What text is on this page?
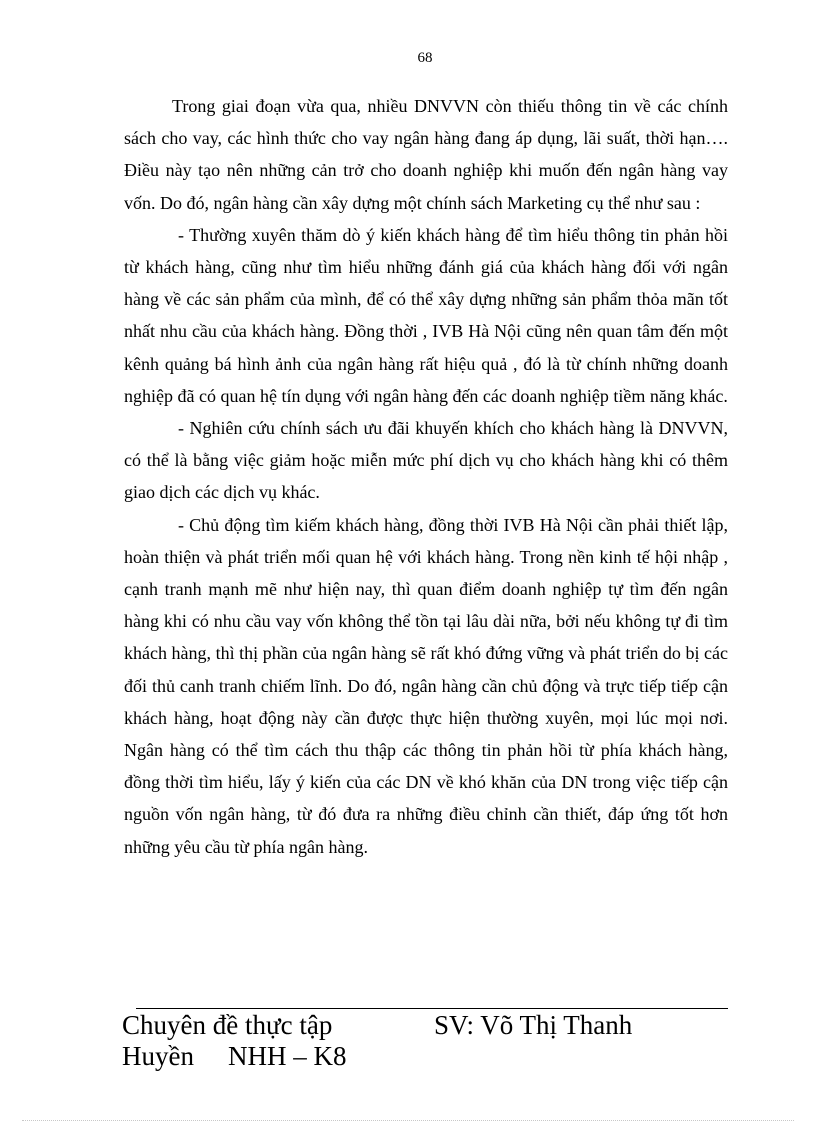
68

Trong giai đoạn vừa qua, nhiều DNVVN còn thiếu thông tin về các chính sách cho vay, các hình thức cho vay ngân hàng đang áp dụng, lãi suất, thời hạn…. Điều này tạo nên những cản trở cho doanh nghiệp khi muốn đến ngân hàng vay vốn. Do đó, ngân hàng cần xây dựng một chính sách Marketing cụ thể như sau :

- Thường xuyên thăm dò ý kiến khách hàng để tìm hiểu thông tin phản hồi từ khách hàng, cũng như tìm hiểu những đánh giá của khách hàng đối với ngân hàng về các sản phẩm của mình, để có thể xây dựng những sản phẩm thỏa mãn tốt nhất nhu cầu của khách hàng. Đồng thời , IVB Hà Nội cũng nên quan tâm đến một kênh quảng bá hình ảnh của ngân hàng rất hiệu quả , đó là từ chính những doanh nghiệp đã có quan hệ tín dụng với ngân hàng đến các doanh nghiệp tiềm năng khác.

- Nghiên cứu chính sách ưu đãi khuyến khích cho khách hàng là DNVVN, có thể là bằng việc giảm hoặc miễn mức phí dịch vụ cho khách hàng khi có thêm giao dịch các dịch vụ khác.

- Chủ động tìm kiếm khách hàng, đồng thời IVB Hà Nội cần phải thiết lập, hoàn thiện và phát triển mối quan hệ với khách hàng. Trong nền kinh tế hội nhập , cạnh tranh mạnh mẽ như hiện nay, thì quan điểm doanh nghiệp tự tìm đến ngân hàng khi có nhu cầu vay vốn không thể tồn tại lâu dài nữa, bởi nếu không tự đi tìm khách hàng, thì thị phần của ngân hàng sẽ rất khó đứng vững và phát triển do bị các đối thủ canh tranh chiếm lĩnh. Do đó, ngân hàng cần chủ động và trực tiếp tiếp cận khách hàng, hoạt động này cần được thực hiện thường xuyên, mọi lúc mọi nơi. Ngân hàng có thể tìm cách thu thập các thông tin phản hồi từ phía khách hàng, đồng thời tìm hiểu, lấy ý kiến của các DN về khó khăn của DN trong việc tiếp cận nguồn vốn ngân hàng, từ đó đưa ra những điều chỉnh cần thiết, đáp ứng tốt hơn những yêu cầu từ phía ngân hàng.

Chuyên đề thực tập	SV: Võ Thị Thanh
Huyền NHH – K8
